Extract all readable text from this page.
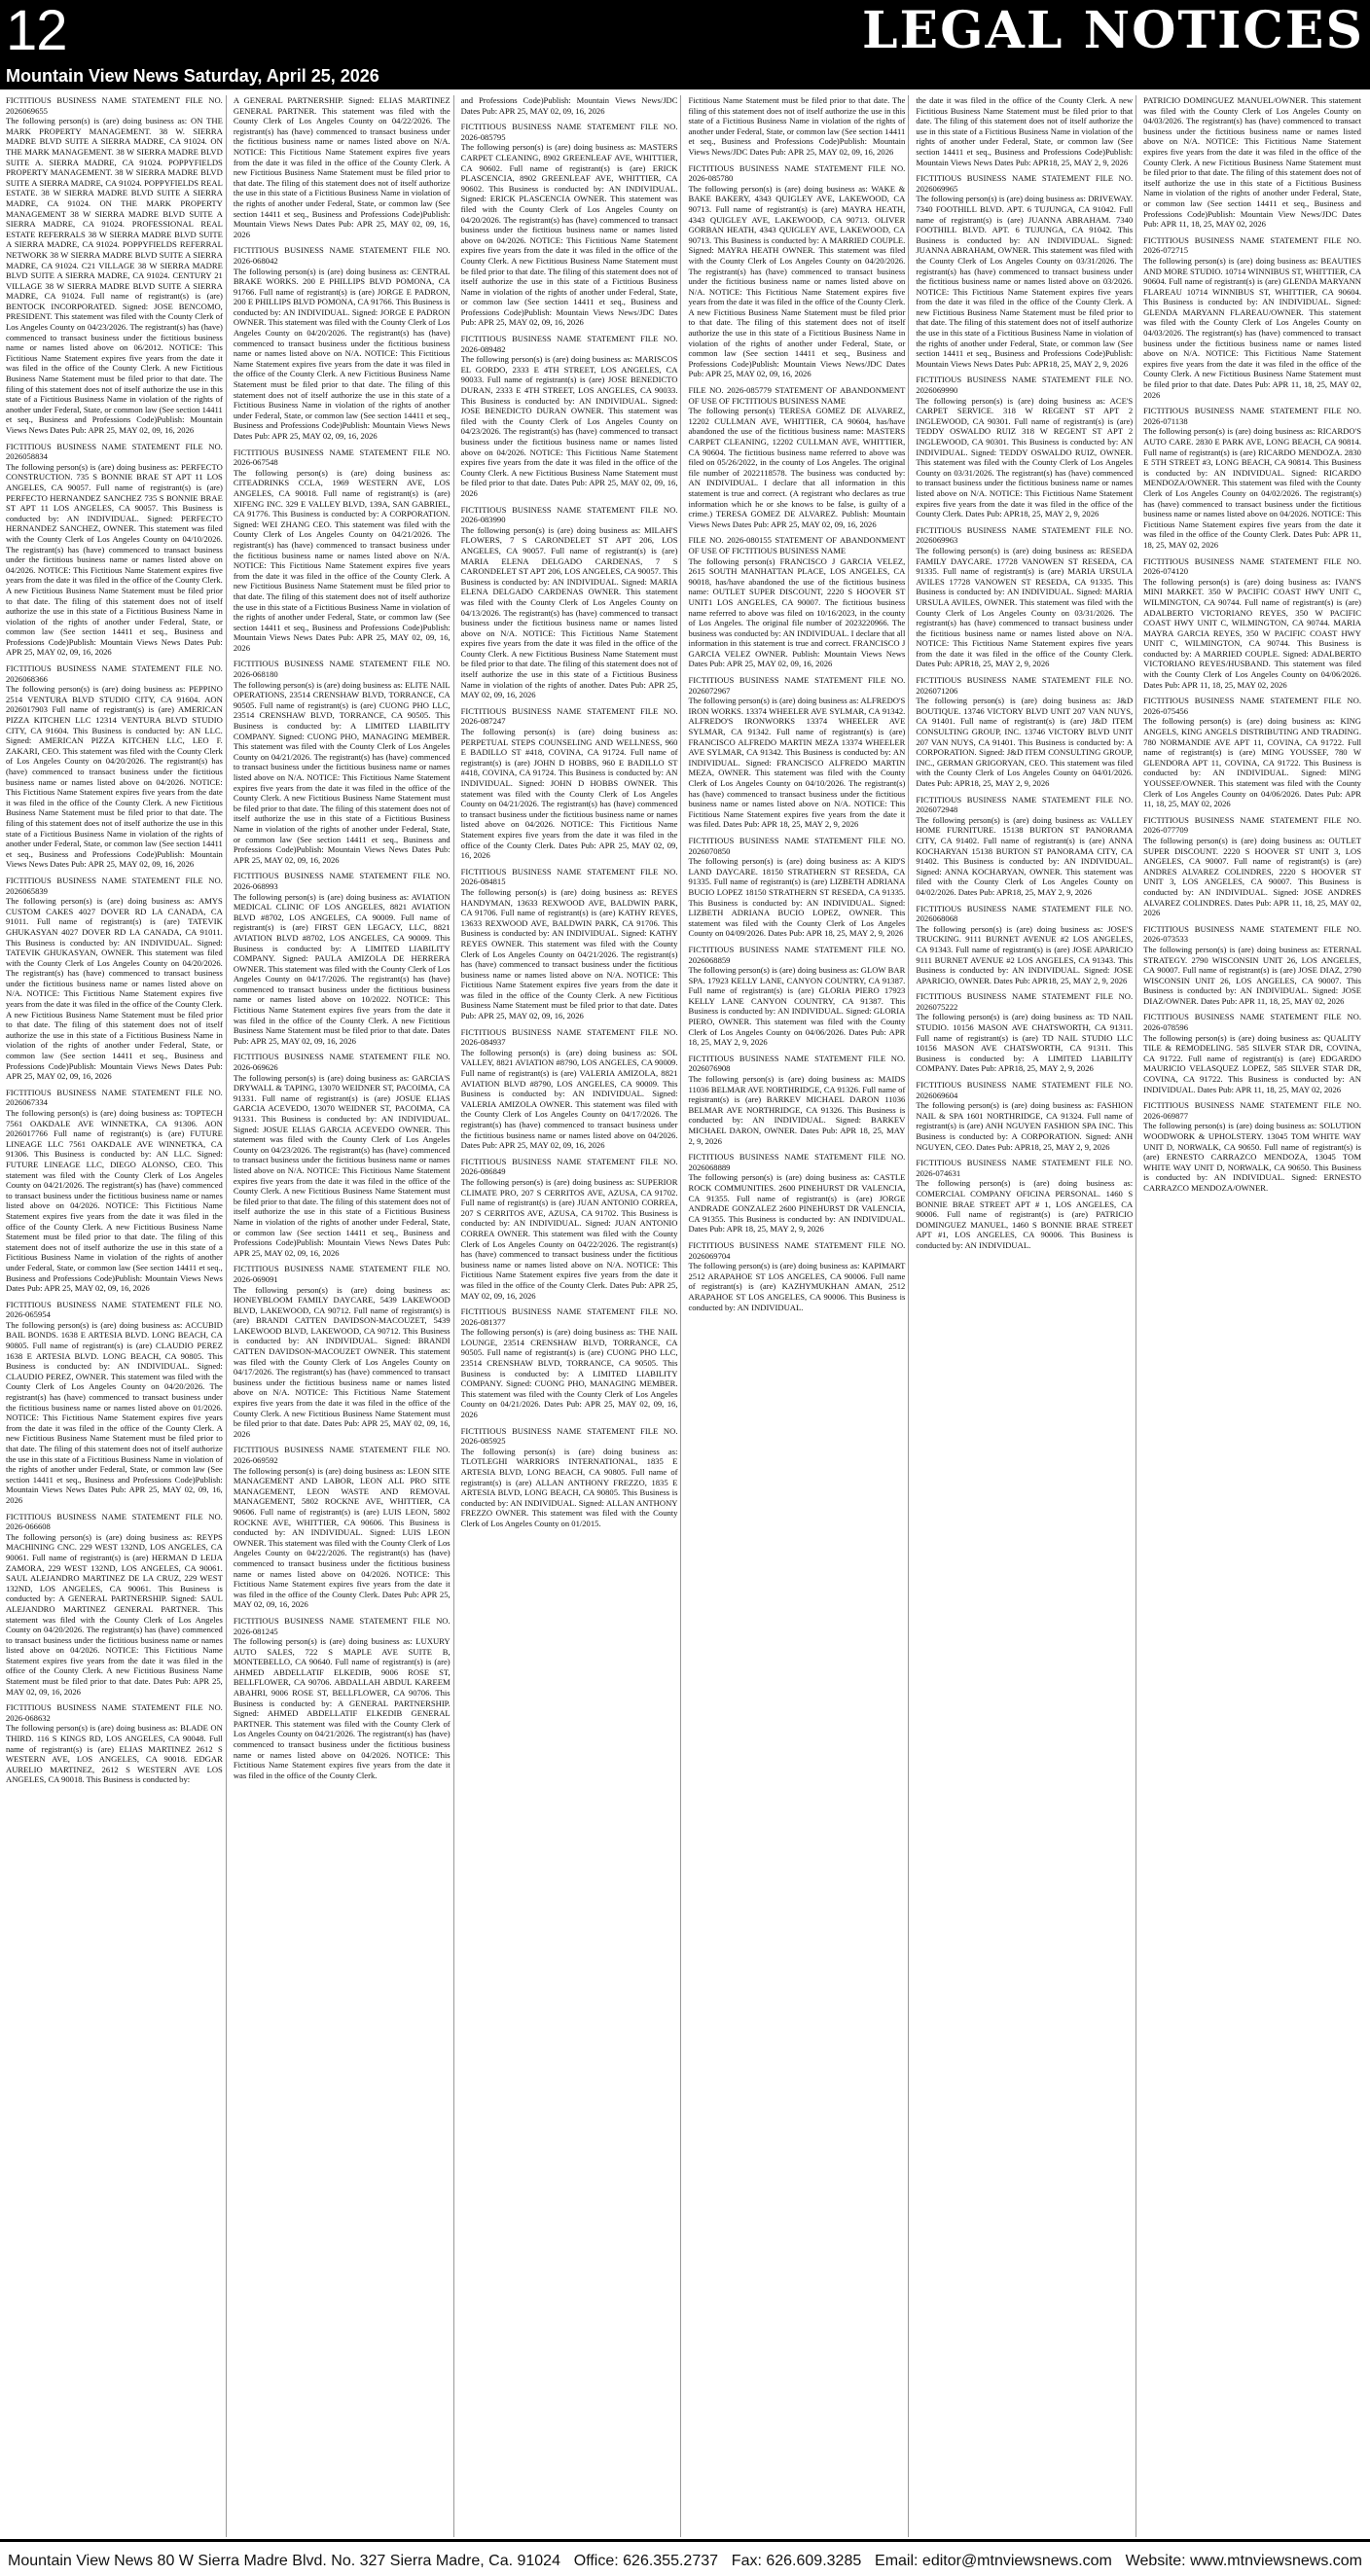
12	LEGAL NOTICES
Mountain View News Saturday, April 25, 2026
FICTITIOUS BUSINESS NAME STATEMENT FILE NO. 2026069655
The following person(s) is (are) doing business as: ON THE MARK PROPERTY MANAGEMENT. 38 W. SIERRA MADRE BLVD SUITE A SIERRA MADRE, CA 91024. ON THE MARK MANAGEMENT. 38 W SIERRA MADRE BLVD SUITE A. SIERRA MADRE, CA 91024. POPPYFIELDS PROPERTY MANAGEMENT. 38 W SIERRA MADRE BLVD SUITE A SIERRA MADRE, CA 91024. POPPYFIELDS REAL ESTATE. 38 W SIERRA MADRE BLVD SUITE A SIERRA MADRE, CA 91024. ON THE MARK PROPERTY MANAGEMENT 38 W SIERRA MADRE BLVD SUITE A SIERRA MADRE, CA 91024. PROFESSIONAL REAL ESTATE REFERRALS 38 W SIERRA MADRE BLVD SUITE A SIERRA MADRE, CA 91024. POPPYFIELDS REFERRAL NETWORK 38 W SIERRA MADRE BLVD SUITE A SIERRA MADRE, CA 91024. C21 VILLAGE 38 W SIERRA MADRE BLVD SUITE A SIERRA MADRE, CA 91024. CENTURY 21 VILLAGE 38 W SIERRA MADRE BLVD SUITE A SIERRA MADRE, CA 91024. Full name of registrant(s) is (are) BENTOCK INCORPORATED. Signed: JOSE BENCOMO, PRESIDENT. This statement was filed with the County Clerk of Los Angeles County on 04/23/2026. The registrant(s) has (have) commenced to transact business under the fictitious business name or names listed above on 06/2012. NOTICE: This Fictitious Name Statement expires five years from the date it was filed in the office of the County Clerk. A new Fictitious Business Name Statement must be filed prior to that date. The filing of this statement does not of itself authorize the use in this state of a Fictitious Business Name in violation of the rights of another under Federal, State, or common law (See section 14411 et seq., Business and Professions Code)Publish: Mountain Views News Dates Pub: APR 25, MAY 02, 09, 16, 2026
FICTITIOUS BUSINESS NAME STATEMENT FILE NO. 2026058834
The following person(s) is (are) doing business as: PERFECTO CONSTRUCTION. 735 S BONNIE BRAE ST APT 11 LOS ANGELES, CA 90057. Full name of registrant(s) is (are) PERFECTO HERNANDEZ SANCHEZ 735 S BONNIE BRAE ST APT 11 LOS ANGELES, CA 90057. This Business is conducted by: AN INDIVIDUAL. Signed: PERFECTO HERNANDEZ SANCHEZ, OWNER. This statement was filed with the County Clerk of Los Angeles County on 04/10/2026. The registrant(s) has (have) commenced to transact business under the fictitious business name or names listed above on 04/2026. NOTICE: This Fictitious Name Statement expires five years from the date it was filed in the office of the County Clerk. A new Fictitious Business Name Statement must be filed prior to that date. The filing of this statement does not of itself authorize the use in this state of a Fictitious Business Name in violation of the rights of another under Federal, State, or common law (See section 14411 et seq., Business and Professions Code)Publish: Mountain Views News Dates Pub: APR 25, MAY 02, 09, 16, 2026
FICTITIOUS BUSINESS NAME STATEMENT FILE NO. 2026068366
The following person(s) is (are) doing business as: PEPPINO 2514 VENTURA BLVD STUDIO CITY, CA 91604. AON 2026017903 Full name of registrant(s) is (are) AMERICAN PIZZA KITCHEN LLC 12314 VENTURA BLVD STUDIO CITY, CA 91604. This Business is conducted by: AN LLC. Signed: AMERICAN PIZZA KITCHEN LLC, LEO F. ZAKARI, CEO. This statement was filed with the County Clerk of Los Angeles County on 04/20/2026. The registrant(s) has (have) commenced to transact business under the fictitious business name or names listed above on 04/2026. NOTICE: This Fictitious Name Statement expires five years from the date it was filed in the office of the County Clerk. A new Fictitious Business Name Statement must be filed prior to that date. The filing of this statement does not of itself authorize the use in this state of a Fictitious Business Name in violation of the rights of another under Federal, State, or common law (See section 14411 et seq., Business and Professions Code)Publish: Mountain Views News Dates Pub: APR 25, MAY 02, 09, 16, 2026
FICTITIOUS BUSINESS NAME STATEMENT FILE NO. 2026065839
The following person(s) is (are) doing business as: AMYS CUSTOM CAKES 4027 DOVER RD LA CANADA, CA 91011. Full name of registrant(s) is (are) TATEVIK GHUKASYAN 4027 DOVER RD LA CANADA, CA 91011. This Business is conducted by: AN INDIVIDUAL. Signed: TATEVIK GHUKASYAN, OWNER. This statement was filed with the County Clerk of Los Angeles County on 04/20/2026. The registrant(s) has (have) commenced to transact business under the fictitious business name or names listed above on N/A. NOTICE: This Fictitious Name Statement expires five years from the date it was filed in the office of the County Clerk. A new Fictitious Business Name Statement must be filed prior to that date. The filing of this statement does not of itself authorize the use in this state of a Fictitious Business Name in violation of the rights of another under Federal, State, or common law (See section 14411 et seq., Business and Professions Code)Publish: Mountain Views News Dates Pub: APR 25, MAY 02, 09, 16, 2026
FICTITIOUS BUSINESS NAME STATEMENT FILE NO. 2026067334
The following person(s) is (are) doing business as: TOPTECH 7561 OAKDALE AVE WINNETKA, CA 91306. AON 2026017766 Full name of registrant(s) is (are) FUTURE LINEAGE LLC 7561 OAKDALE AVE WINNETKA, CA 91306. This Business is conducted by: AN LLC. Signed: FUTURE LINEAGE LLC, DIEGO ALONSO, CEO. This statement was filed with the County Clerk of Los Angeles County on 04/21/2026. The registrant(s) has (have) commenced to transact business under the fictitious business name or names listed above on 04/2026. NOTICE: This Fictitious Name Statement expires five years from the date it was filed in the office of the County Clerk. A new Fictitious Business Name Statement must be filed prior to that date. The filing of this statement does not of itself authorize the use in this state of a Fictitious Business Name in violation of the rights of another under Federal, State, or common law (See section 14411 et seq., Business and Professions Code)Publish: Mountain Views News Dates Pub: APR 25, MAY 02, 09, 16, 2026
FICTITIOUS BUSINESS NAME STATEMENT FILE NO. 2026-065954
The following person(s) is (are) doing business as: ACCUBID BAIL BONDS. 1638 E ARTESIA BLVD. LONG BEACH, CA 90805. Full name of registrant(s) is (are) CLAUDIO PEREZ 1638 E ARTESIA BLVD. LONG BEACH, CA 90805. This Business is conducted by: AN INDIVIDUAL. Signed: CLAUDIO PEREZ, OWNER. This statement was filed with the County Clerk of Los Angeles County on 04/20/2026. The registrant(s) has (have) commenced to transact business under the fictitious business name or names listed above on 01/2026. NOTICE: This Fictitious Name Statement expires five years from the date it was filed in the office of the County Clerk. A new Fictitious Business Name Statement must be filed prior to that date. The filing of this statement does not of itself authorize the use in this state of a Fictitious Business Name in violation of the rights of another under Federal, State, or common law (See section 14411 et seq., Business and Professions Code)Publish: Mountain Views News Dates Pub: APR 25, MAY 02, 09, 16, 2026
FICTITIOUS BUSINESS NAME STATEMENT FILE NO. 2026-066608
The following person(s) is (are) doing business as: REYPS MACHINING CNC. 229 WEST 132ND, LOS ANGELES, CA 90061. Full name of registrant(s) is (are) HERMAN D LEIJA ZAMORA, 229 WEST 132ND, LOS ANGELES, CA 90061. SAUL ALEJANDRO MARTINEZ DE LA CRUZ, 229 WEST 132ND, LOS ANGELES, CA 90061. This Business is conducted by: A GENERAL PARTNERSHIP. Signed: SAUL ALEJANDRO MARTINEZ GENERAL PARTNER. This statement was filed with the County Clerk of Los Angeles County on 04/20/2026. The registrant(s) has (have) commenced to transact business under the fictitious business name or names listed above on 04/2026. NOTICE: This Fictitious Name Statement expires five years from the date it was filed in the office of the County Clerk. A new Fictitious Business Name Statement must be filed prior to that date. Dates Pub: APR 25, MAY 02, 09, 16, 2026
FICTITIOUS BUSINESS NAME STATEMENT FILE NO. 2026-068632
The following person(s) is (are) doing business as: BLADE ON THIRD. 116 S KINGS RD, LOS ANGELES, CA 90048. Full name of registrant(s) is (are) ELIAS MARTINEZ 2612 S WESTERN AVE, LOS ANGELES, CA 90018. EDGAR AURELIO MARTINEZ, 2612 S WESTERN AVE LOS ANGELES, CA 90018. This Business is conducted by:
A GENERAL PARTNERSHIP. Signed: ELIAS MARTINEZ GENERAL PARTNER. This statement was filed with the County Clerk of Los Angeles County on 04/22/2026. The registrant(s) has (have) commenced to transact business under the fictitious business name or names listed above on N/A. NOTICE: This Fictitious Name Statement expires five years from the date it was filed in the office of the County Clerk. A new Fictitious Business Name Statement must be filed prior to that date. The filing of this statement does not of itself authorize the use in this state of a Fictitious Business Name in violation of the rights of another under Federal, State, or common law (See section 14411 et seq., Business and Professions Code)Publish: Mountain Views News Dates Pub: APR 25, MAY 02, 09, 16, 2026
FICTITIOUS BUSINESS NAME STATEMENT FILE NO. 2026-068042
The following person(s) is (are) doing business as: CENTRAL BRAKE WORKS. 200 E PHILLIPS BLVD POMONA, CA 91766. Full name of registrant(s) is (are) JORGE E PADRON, 200 E PHILLIPS BLVD POMONA, CA 91766. This Business is conducted by: AN INDIVIDUAL. Signed: JORGE E PADRON OWNER. This statement was filed with the County Clerk of Los Angeles County on 04/20/2026. The registrant(s) has (have) commenced to transact business under the fictitious business name or names listed above on N/A. NOTICE: This Fictitious Name Statement expires five years from the date it was filed in the office of the County Clerk. A new Fictitious Business Name Statement must be filed prior to that date. The filing of this statement does not of itself authorize the use in this state of a Fictitious Business Name in violation of the rights of another under Federal, State, or common law (See section 14411 et seq., Business and Professions Code)Publish: Mountain Views News Dates Pub: APR 25, MAY 02, 09, 16, 2026
FICTITIOUS BUSINESS NAME STATEMENT FILE NO. 2026-067548
The following person(s) is (are) doing business as: CITEADRINKS CCLA, 1969 WESTERN AVE, LOS ANGELES, CA 90018. Full name of registrant(s) is (are) XIFENG INC. 329 E VALLEY BLVD, 139A, SAN GABRIEL, CA 91776. This Business is conducted by: A CORPORATION. Signed: WEI ZHANG CEO. This statement was filed with the County Clerk of Los Angeles County on 04/21/2026. The registrant(s) has (have) commenced to transact business under the fictitious business name or names listed above on N/A. NOTICE: This Fictitious Name Statement expires five years from the date it was filed in the office of the County Clerk. A new Fictitious Business Name Statement must be filed prior to that date. The filing of this statement does not of itself authorize the use in this state of a Fictitious Business Name in violation of the rights of another under Federal, State, or common law (See section 14411 et seq., Business and Professions Code)Publish: Mountain Views News Dates Pub: APR 25, MAY 02, 09, 16, 2026
FICTITIOUS BUSINESS NAME STATEMENT FILE NO. 2026-068180
The following person(s) is (are) doing business as: ELITE NAIL OPERATIONS, 23514 CRENSHAW BLVD, TORRANCE, CA 90505. Full name of registrant(s) is (are) CUONG PHO LLC, 23514 CRENSHAW BLVD, TORRANCE, CA 90505. This Business is conducted by: A LIMITED LIABILITY COMPANY. Signed: CUONG PHO, MANAGING MEMBER. This statement was filed with the County Clerk of Los Angeles County on 04/21/2026. The registrant(s) has (have) commenced to transact business under the fictitious business name or names listed above on N/A. NOTICE: This Fictitious Name Statement expires five years from the date it was filed in the office of the County Clerk. A new Fictitious Business Name Statement must be filed prior to that date. The filing of this statement does not of itself authorize the use in this state of a Fictitious Business Name in violation of the rights of another under Federal, State, or common law (See section 14411 et seq., Business and Professions Code)Publish: Mountain Views News Dates Pub: APR 25, MAY 02, 09, 16, 2026
FICTITIOUS BUSINESS NAME STATEMENT FILE NO. 2026-068993
The following person(s) is (are) doing business as: AVIATION MEDICAL CLINIC OF LOS ANGELES, 8821 AVIATION BLVD #8702, LOS ANGELES, CA 90009. Full name of registrant(s) is (are) FIRST GEN LEGACY, LLC, 8821 AVIATION BLVD #8702, LOS ANGELES, CA 90009. This Business is conducted by: A LIMITED LIABILITY COMPANY. Signed: PAULA AMIZOLA DE HERRERA OWNER. This statement was filed with the County Clerk of Los Angeles County on 04/17/2026. The registrant(s) has (have) commenced to transact business under the fictitious business name or names listed above on 10/2022. NOTICE: This Fictitious Name Statement expires five years from the date it was filed in the office of the County Clerk. A new Fictitious Business Name Statement must be filed prior to that date. Dates Pub: APR 25, MAY 02, 09, 16, 2026
FICTITIOUS BUSINESS NAME STATEMENT FILE NO. 2026-069626
The following person(s) is (are) doing business as: GARCIA'S DRYWALL & TAPING, 13070 WEIDNER ST, PACOIMA, CA 91331. Full name of registrant(s) is (are) JOSUE ELIAS GARCIA ACEVEDO, 13070 WEIDNER ST, PACOIMA, CA 91331. This Business is conducted by: AN INDIVIDUAL. Signed: JOSUE ELIAS GARCIA ACEVEDO OWNER. This statement was filed with the County Clerk of Los Angeles County on 04/23/2026. The registrant(s) has (have) commenced to transact business under the fictitious business name or names listed above on N/A. NOTICE: This Fictitious Name Statement expires five years from the date it was filed in the office of the County Clerk. A new Fictitious Business Name Statement must be filed prior to that date. The filing of this statement does not of itself authorize the use in this state of a Fictitious Business Name in violation of the rights of another under Federal, State, or common law (See section 14411 et seq., Business and Professions Code)Publish: Mountain Views News Dates Pub: APR 25, MAY 02, 09, 16, 2026
FICTITIOUS BUSINESS NAME STATEMENT FILE NO. 2026-069091
The following person(s) is (are) doing business as: HONEYBLOOM FAMILY DAYCARE, 5439 LAKEWOOD BLVD, LAKEWOOD, CA 90712. Full name of registrant(s) is (are) BRANDI CATTEN DAVIDSON-MACOUZET, 5439 LAKEWOOD BLVD, LAKEWOOD, CA 90712. This Business is conducted by: AN INDIVIDUAL. Signed: BRANDI CATTEN DAVIDSON-MACOUZET OWNER. This statement was filed with the County Clerk of Los Angeles County on 04/17/2026. The registrant(s) has (have) commenced to transact business under the fictitious business name or names listed above on N/A. NOTICE: This Fictitious Name Statement expires five years from the date it was filed in the office of the County Clerk. A new Fictitious Business Name Statement must be filed prior to that date. Dates Pub: APR 25, MAY 02, 09, 16, 2026
FICTITIOUS BUSINESS NAME STATEMENT FILE NO. 2026-069592
The following person(s) is (are) doing business as: LEON SITE MANAGEMENT AND LABOR, LEON ALL PRO SITE MANAGEMENT, LEON WASTE AND REMOVAL MANAGEMENT, 5802 ROCKNE AVE, WHITTIER, CA 90606. Full name of registrant(s) is (are) LUIS LEON, 5802 ROCKNE AVE, WHITTIER, CA 90606. This Business is conducted by: AN INDIVIDUAL. Signed: LUIS LEON OWNER. This statement was filed with the County Clerk of Los Angeles County on 04/22/2026. The registrant(s) has (have) commenced to transact business under the fictitious business name or names listed above on 04/2026. NOTICE: This Fictitious Name Statement expires five years from the date it was filed in the office of the County Clerk. Dates Pub: APR 25, MAY 02, 09, 16, 2026
FICTITIOUS BUSINESS NAME STATEMENT FILE NO. 2026-081245
The following person(s) is (are) doing business as: LUXURY AUTO SALES, 722 S MAPLE AVE SUITE B, MONTEBELLO, CA 90640. Full name of registrant(s) is (are) AHMED ABDELLATIF ELKEDIB, 9006 ROSE ST, BELLFLOWER, CA 90706. ABDALLAH ABDUL KAREEM ABAHRI, 9006 ROSE ST, BELLFLOWER, CA 90706. This Business is conducted by: A GENERAL PARTNERSHIP. Signed: AHMED ABDELLATIF ELKEDIB GENERAL PARTNER. This statement was filed with the County Clerk of Los Angeles County on 04/21/2026. The registrant(s) has (have) commenced to transact business under the fictitious business name or names listed above on 04/2026. NOTICE: This Fictitious Name Statement expires five years from the date it was filed in the office of the County Clerk.
and Professions Code)Publish: Mountain Views News/JDC Dates Pub: APR 25, MAY 02, 09, 16, 2026
FICTITIOUS BUSINESS NAME STATEMENT FILE NO. 2026-085795
The following person(s) is (are) doing business as: MASTERS CARPET CLEANING, 8902 GREENLEAF AVE, WHITTIER, CA 90602. Full name of registrant(s) is (are) ERICK PLASCENCIA, 8902 GREENLEAF AVE, WHITTIER, CA 90602. This Business is conducted by: AN INDIVIDUAL. Signed: ERICK PLASCENCIA OWNER. This statement was filed with the County Clerk of Los Angeles County on 04/20/2026. The registrant(s) has (have) commenced to transact business under the fictitious business name or names listed above on 04/2026. NOTICE: This Fictitious Name Statement expires five years from the date it was filed in the office of the County Clerk. A new Fictitious Business Name Statement must be filed prior to that date. The filing of this statement does not of itself authorize the use in this state of a Fictitious Business Name in violation of the rights of another under Federal, State, or common law (See section 14411 et seq., Business and Professions Code)Publish: Mountain Views News/JDC Dates Pub: APR 25, MAY 02, 09, 16, 2026
FICTITIOUS BUSINESS NAME STATEMENT FILE NO. 2026-089482
The following person(s) is (are) doing business as: MARISCOS EL GORDO, 2333 E 4TH STREET, LOS ANGELES, CA 90033. Full name of registrant(s) is (are) JOSE BENEDICTO DURAN, 2333 E 4TH STREET, LOS ANGELES, CA 90033. This Business is conducted by: AN INDIVIDUAL. Signed: JOSE BENEDICTO DURAN OWNER. This statement was filed with the County Clerk of Los Angeles County on 04/23/2026. The registrant(s) has (have) commenced to transact business under the fictitious business name or names listed above on 04/2026. NOTICE: This Fictitious Name Statement expires five years from the date it was filed in the office of the County Clerk. A new Fictitious Business Name Statement must be filed prior to that date. Dates Pub: APR 25, MAY 02, 09, 16, 2026
FICTITIOUS BUSINESS NAME STATEMENT FILE NO. 2026-083990
The following person(s) is (are) doing business as: MILAH'S FLOWERS, 7 S CARONDELET ST APT 206, LOS ANGELES, CA 90057. Full name of registrant(s) is (are) MARIA ELENA DELGADO CARDENAS, 7 S CARONDELET ST APT 206, LOS ANGELES, CA 90057. This Business is conducted by: AN INDIVIDUAL. Signed: MARIA ELENA DELGADO CARDENAS OWNER. This statement was filed with the County Clerk of Los Angeles County on 04/13/2026. The registrant(s) has (have) commenced to transact business under the fictitious business name or names listed above on N/A. NOTICE: This Fictitious Name Statement expires five years from the date it was filed in the office of the County Clerk. A new Fictitious Business Name Statement must be filed prior to that date. The filing of this statement does not of itself authorize the use in this state of a Fictitious Business Name in violation of the rights of another. Dates Pub: APR 25, MAY 02, 09, 16, 2026
FICTITIOUS BUSINESS NAME STATEMENT FILE NO. 2026-087247
The following person(s) is (are) doing business as: PERPETUAL STEPS COUNSELING AND WELLNESS, 960 E BADILLO ST #418, COVINA, CA 91724. Full name of registrant(s) is (are) JOHN D HOBBS, 960 E BADILLO ST #418, COVINA, CA 91724. This Business is conducted by: AN INDIVIDUAL. Signed: JOHN D HOBBS OWNER. This statement was filed with the County Clerk of Los Angeles County on 04/21/2026. The registrant(s) has (have) commenced to transact business under the fictitious business name or names listed above on 04/2026. NOTICE: This Fictitious Name Statement expires five years from the date it was filed in the office of the County Clerk. Dates Pub: APR 25, MAY 02, 09, 16, 2026
FICTITIOUS BUSINESS NAME STATEMENT FILE NO. 2026-084815
The following person(s) is (are) doing business as: REYES HANDYMAN, 13633 REXWOOD AVE, BALDWIN PARK, CA 91706. Full name of registrant(s) is (are) KATHY REYES, 13633 REXWOOD AVE, BALDWIN PARK, CA 91706. This Business is conducted by: AN INDIVIDUAL. Signed: KATHY REYES OWNER. This statement was filed with the County Clerk of Los Angeles County on 04/21/2026. The registrant(s) has (have) commenced to transact business under the fictitious business name or names listed above on N/A. NOTICE: This Fictitious Name Statement expires five years from the date it was filed in the office of the County Clerk. A new Fictitious Business Name Statement must be filed prior to that date. Dates Pub: APR 25, MAY 02, 09, 16, 2026
FICTITIOUS BUSINESS NAME STATEMENT FILE NO. 2026-084937
The following person(s) is (are) doing business as: SOL VALLEY, 8821 AVIATION #8790, LOS ANGELES, CA 90009. Full name of registrant(s) is (are) VALERIA AMIZOLA, 8821 AVIATION BLVD #8790, LOS ANGELES, CA 90009. This Business is conducted by: AN INDIVIDUAL. Signed: VALERIA AMIZOLA OWNER. This statement was filed with the County Clerk of Los Angeles County on 04/17/2026. The registrant(s) has (have) commenced to transact business under the fictitious business name or names listed above on 04/2026. Dates Pub: APR 25, MAY 02, 09, 16, 2026
FICTITIOUS BUSINESS NAME STATEMENT FILE NO. 2026-086849
The following person(s) is (are) doing business as: SUPERIOR CLIMATE PRO, 207 S CERRITOS AVE, AZUSA, CA 91702. Full name of registrant(s) is (are) JUAN ANTONIO CORREA, 207 S CERRITOS AVE, AZUSA, CA 91702. This Business is conducted by: AN INDIVIDUAL. Signed: JUAN ANTONIO CORREA OWNER. This statement was filed with the County Clerk of Los Angeles County on 04/22/2026. The registrant(s) has (have) commenced to transact business under the fictitious business name or names listed above on N/A. NOTICE: This Fictitious Name Statement expires five years from the date it was filed in the office of the County Clerk. Dates Pub: APR 25, MAY 02, 09, 16, 2026
FICTITIOUS BUSINESS NAME STATEMENT FILE NO. 2026-081377
The following person(s) is (are) doing business as: THE NAIL LOUNGE, 23514 CRENSHAW BLVD, TORRANCE, CA 90505. Full name of registrant(s) is (are) CUONG PHO LLC, 23514 CRENSHAW BLVD, TORRANCE, CA 90505. This Business is conducted by: A LIMITED LIABILITY COMPANY. Signed: CUONG PHO, MANAGING MEMBER. This statement was filed with the County Clerk of Los Angeles County on 04/21/2026. Dates Pub: APR 25, MAY 02, 09, 16, 2026
FICTITIOUS BUSINESS NAME STATEMENT FILE NO. 2026-085925
The following person(s) is (are) doing business as: TLOTLEGHI WARRIORS INTERNATIONAL, 1835 E ARTESIA BLVD, LONG BEACH, CA 90805. Full name of registrant(s) is (are) ALLAN ANTHONY FREZZO, 1835 E ARTESIA BLVD, LONG BEACH, CA 90805. This Business is conducted by: AN INDIVIDUAL. Signed: ALLAN ANTHONY FREZZO OWNER. This statement was filed with the County Clerk of Los Angeles County on 01/2015.
Fictitious Name Statement must be filed prior to that date. The filing of this statement does not of itself authorize the use in this state of a Fictitious Business Name in violation of the rights of another under Federal, State, or common law (See section 14411 et seq., Business and Professions Code)Publish: Mountain Views News/JDC Dates Pub: APR 25, MAY 02, 09, 16, 2026
FICTITIOUS BUSINESS NAME STATEMENT FILE NO. 2026-085780
The following person(s) is (are) doing business as: WAKE & BAKE BAKERY, 4343 QUIGLEY AVE, LAKEWOOD, CA 90713. Full name of registrant(s) is (are) MAYRA HEATH, 4343 QUIGLEY AVE, LAKEWOOD, CA 90713. OLIVER GORBAN HEATH, 4343 QUIGLEY AVE, LAKEWOOD, CA 90713. This Business is conducted by: A MARRIED COUPLE. Signed: MAYRA HEATH OWNER. This statement was filed with the County Clerk of Los Angeles County on 04/20/2026. The registrant(s) has (have) commenced to transact business under the fictitious business name or names listed above on N/A. NOTICE: This Fictitious Name Statement expires five years from the date it was filed in the office of the County Clerk. A new Fictitious Business Name Statement must be filed prior to that date. The filing of this statement does not of itself authorize the use in this state of a Fictitious Business Name in violation of the rights of another under Federal, State, or common law (See section 14411 et seq., Business and Professions Code)Publish: Mountain Views News/JDC Dates Pub: APR 25, MAY 02, 09, 16, 2026
FILE NO. 2026-085779 STATEMENT OF ABANDONMENT OF USE OF FICTITIOUS BUSINESS NAME
The following person(s) TERESA GOMEZ DE ALVAREZ, 12202 CULLMAN AVE, WHITTIER, CA 90604, has/have abandoned the use of the fictitious business name: MASTERS CARPET CLEANING, 12202 CULLMAN AVE, WHITTIER, CA 90604. The fictitious business name referred to above was filed on 05/26/2022, in the county of Los Angeles. The original file number of 2022118578. The business was conducted by: AN INDIVIDUAL. I declare that all information in this statement is true and correct. (A registrant who declares as true information which he or she knows to be false, is guilty of a crime.) TERESA GOMEZ DE ALVAREZ. Publish: Mountain Views News Dates Pub: APR 25, MAY 02, 09, 16, 2026
FILE NO. 2026-080155 STATEMENT OF ABANDONMENT OF USE OF FICTITIOUS BUSINESS NAME
The following person(s) FRANCISCO J GARCIA VELEZ, 2615 SOUTH MANHATTAN PLACE, LOS ANGELES, CA 90018, has/have abandoned the use of the fictitious business name: OUTLET SUPER DISCOUNT, 2220 S HOOVER ST UNIT1 LOS ANGELES, CA 90007. The fictitious business name referred to above was filed on 10/16/2023, in the county of Los Angeles. The original file number of 2023220966. The business was conducted by: AN INDIVIDUAL. I declare that all information in this statement is true and correct. FRANCISCO J GARCIA VELEZ OWNER. Publish: Mountain Views News Dates Pub: APR 25, MAY 02, 09, 16, 2026
FICTITIOUS BUSINESS NAME STATEMENT FILE NO. 2026072967
The following person(s) is (are) doing business as: ALFREDO'S IRON WORKS. 13374 WHEELER AVE SYLMAR, CA 91342. ALFREDO'S IRONWORKS 13374 WHEELER AVE SYLMAR, CA 91342. Full name of registrant(s) is (are) FRANCISCO ALFREDO MARTIN MEZA 13374 WHEELER AVE SYLMAR, CA 91342. This Business is conducted by: AN INDIVIDUAL. Signed: FRANCISCO ALFREDO MARTIN MEZA, OWNER. This statement was filed with the County Clerk of Los Angeles County on 04/10/2026. The registrant(s) has (have) commenced to transact business under the fictitious business name or names listed above on N/A. NOTICE: This Fictitious Name Statement expires five years from the date it was filed. Dates Pub: APR 18, 25, MAY 2, 9, 2026
FICTITIOUS BUSINESS NAME STATEMENT FILE NO. 2026070850
The following person(s) is (are) doing business as: A KID'S LAND DAYCARE. 18150 STRATHERN ST RESEDA, CA 91335. Full name of registrant(s) is (are) LIZBETH ADRIANA BUCIO LOPEZ 18150 STRATHERN ST RESEDA, CA 91335. This Business is conducted by: AN INDIVIDUAL. Signed: LIZBETH ADRIANA BUCIO LOPEZ, OWNER. This statement was filed with the County Clerk of Los Angeles County on 04/09/2026. Dates Pub: APR 18, 25, MAY 2, 9, 2026
FICTITIOUS BUSINESS NAME STATEMENT FILE NO. 2026068859
The following person(s) is (are) doing business as: GLOW BAR SPA. 17923 KELLY LANE, CANYON COUNTRY, CA 91387. Full name of registrant(s) is (are) GLORIA PIERO 17923 KELLY LANE CANYON COUNTRY, CA 91387. This Business is conducted by: AN INDIVIDUAL. Signed: GLORIA PIERO, OWNER. This statement was filed with the County Clerk of Los Angeles County on 04/06/2026. Dates Pub: APR 18, 25, MAY 2, 9, 2026
FICTITIOUS BUSINESS NAME STATEMENT FILE NO. 2026076908
The following person(s) is (are) doing business as: MAIDS 11036 BELMAR AVE NORTHRIDGE, CA 91326. Full name of registrant(s) is (are) BARKEV MICHAEL DARON 11036 BELMAR AVE NORTHRIDGE, CA 91326. This Business is conducted by: AN INDIVIDUAL. Signed: BARKEV MICHAEL DARON, OWNER. Dates Pub: APR 18, 25, MAY 2, 9, 2026
FICTITIOUS BUSINESS NAME STATEMENT FILE NO. 2026068889
The following person(s) is (are) doing business as: CASTLE ROCK COMMUNITIES. 2600 PINEHURST DR VALENCIA, CA 91355. Full name of registrant(s) is (are) JORGE ANDRADE GONZALEZ 2600 PINEHURST DR VALENCIA, CA 91355. This Business is conducted by: AN INDIVIDUAL. Dates Pub: APR 18, 25, MAY 2, 9, 2026
FICTITIOUS BUSINESS NAME STATEMENT FILE NO. 2026069704
The following person(s) is (are) doing business as: KAPIMART 2512 ARAPAHOE ST LOS ANGELES, CA 90006. Full name of registrant(s) is (are) KAZHYMUKHAN AMAN, 2512 ARAPAHOE ST LOS ANGELES, CA 90006. This Business is conducted by: AN INDIVIDUAL.
the date it was filed in the office of the County Clerk. A new Fictitious Business Name Statement must be filed prior to that date. The filing of this statement does not of itself authorize the use in this state of a Fictitious Business Name in violation of the rights of another under Federal, State, or common law (See section 14411 et seq., Business and Professions Code)Publish: Mountain Views News Dates Pub: APR18, 25, MAY 2, 9, 2026
FICTITIOUS BUSINESS NAME STATEMENT FILE NO. 2026069965
The following person(s) is (are) doing business as: DRIVEWAY. 7340 FOOTHILL BLVD. APT. 6 TUJUNGA, CA 91042. Full name of registrant(s) is (are) JUANNA ABRAHAM. 7340 FOOTHILL BLVD. APT. 6 TUJUNGA, CA 91042. This Business is conducted by: AN INDIVIDUAL. Signed: JUANNA ABRAHAM, OWNER. This statement was filed with the County Clerk of Los Angeles County on 03/31/2026. The registrant(s) has (have) commenced to transact business under the fictitious business name or names listed above on 03/2026. NOTICE: This Fictitious Name Statement expires five years from the date it was filed in the office of the County Clerk. A new Fictitious Business Name Statement must be filed prior to that date. The filing of this statement does not of itself authorize the use in this state of a Fictitious Business Name in violation of the rights of another under Federal, State, or common law (See section 14411 et seq., Business and Professions Code)Publish: Mountain Views News Dates Pub: APR18, 25, MAY 2, 9, 2026
FICTITIOUS BUSINESS NAME STATEMENT FILE NO. 2026069990
The following person(s) is (are) doing business as: ACE'S CARPET SERVICE. 318 W REGENT ST APT 2 INGLEWOOD, CA 90301. Full name of registrant(s) is (are) TEDDY OSWALDO RUIZ 318 W REGENT ST APT 2 INGLEWOOD, CA 90301. This Business is conducted by: AN INDIVIDUAL. Signed: TEDDY OSWALDO RUIZ, OWNER. This statement was filed with the County Clerk of Los Angeles County on 03/31/2026. The registrant(s) has (have) commenced to transact business under the fictitious business name or names listed above on N/A. NOTICE: This Fictitious Name Statement expires five years from the date it was filed in the office of the County Clerk. Dates Pub: APR18, 25, MAY 2, 9, 2026
FICTITIOUS BUSINESS NAME STATEMENT FILE NO. 2026069963
The following person(s) is (are) doing business as: RESEDA FAMILY DAYCARE. 17728 VANOWEN ST RESEDA, CA 91335. Full name of registrant(s) is (are) MARIA URSULA AVILES 17728 VANOWEN ST RESEDA, CA 91335. This Business is conducted by: AN INDIVIDUAL. Signed: MARIA URSULA AVILES, OWNER. This statement was filed with the County Clerk of Los Angeles County on 03/31/2026. The registrant(s) has (have) commenced to transact business under the fictitious business name or names listed above on N/A. NOTICE: This Fictitious Name Statement expires five years from the date it was filed in the office of the County Clerk. Dates Pub: APR18, 25, MAY 2, 9, 2026
FICTITIOUS BUSINESS NAME STATEMENT FILE NO. 2026071206
The following person(s) is (are) doing business as: J&D BOUTIQUE. 13746 VICTORY BLVD UNIT 207 VAN NUYS, CA 91401. Full name of registrant(s) is (are) J&D ITEM CONSULTING GROUP, INC. 13746 VICTORY BLVD UNIT 207 VAN NUYS, CA 91401. This Business is conducted by: A CORPORATION. Signed: J&D ITEM CONSULTING GROUP, INC., GERMAN GRIGORYAN, CEO. This statement was filed with the County Clerk of Los Angeles County on 04/01/2026. Dates Pub: APR18, 25, MAY 2, 9, 2026
FICTITIOUS BUSINESS NAME STATEMENT FILE NO. 2026072948
The following person(s) is (are) doing business as: VALLEY HOME FURNITURE. 15138 BURTON ST PANORAMA CITY, CA 91402. Full name of registrant(s) is (are) ANNA KOCHARYAN 15138 BURTON ST PANORAMA CITY, CA 91402. This Business is conducted by: AN INDIVIDUAL. Signed: ANNA KOCHARYAN, OWNER. This statement was filed with the County Clerk of Los Angeles County on 04/02/2026. Dates Pub: APR18, 25, MAY 2, 9, 2026
FICTITIOUS BUSINESS NAME STATEMENT FILE NO. 2026068068
The following person(s) is (are) doing business as: JOSE'S TRUCKING. 9111 BURNET AVENUE #2 LOS ANGELES, CA 91343. Full name of registrant(s) is (are) JOSE APARICIO 9111 BURNET AVENUE #2 LOS ANGELES, CA 91343. This Business is conducted by: AN INDIVIDUAL. Signed: JOSE APARICIO, OWNER. Dates Pub: APR18, 25, MAY 2, 9, 2026
FICTITIOUS BUSINESS NAME STATEMENT FILE NO. 2026075222
The following person(s) is (are) doing business as: TD NAIL STUDIO. 10156 MASON AVE CHATSWORTH, CA 91311. Full name of registrant(s) is (are) TD NAIL STUDIO LLC 10156 MASON AVE CHATSWORTH, CA 91311. This Business is conducted by: A LIMITED LIABILITY COMPANY. Dates Pub: APR18, 25, MAY 2, 9, 2026
FICTITIOUS BUSINESS NAME STATEMENT FILE NO. 2026069604
The following person(s) is (are) doing business as: FASHION NAIL & SPA 1601 NORTHRIDGE, CA 91324. Full name of registrant(s) is (are) ANH NGUYEN FASHION SPA INC. This Business is conducted by: A CORPORATION. Signed: ANH NGUYEN, CEO. Dates Pub: APR18, 25, MAY 2, 9, 2026
FICTITIOUS BUSINESS NAME STATEMENT FILE NO. 2026-074631
The following person(s) is (are) doing business as: COMERCIAL COMPANY OFICINA PERSONAL. 1460 S BONNIE BRAE STREET APT # 1, LOS ANGELES, CA 90006. Full name of registrant(s) is (are) PATRICIO DOMINGUEZ MANUEL, 1460 S BONNIE BRAE STREET APT #1, LOS ANGELES, CA 90006. This Business is conducted by: AN INDIVIDUAL.
PATRICIO DOMINGUEZ MANUEL/OWNER. This statement was filed with the County Clerk of Los Angeles County on 04/03/2026. The registrant(s) has (have) commenced to transact business under the fictitious business name or names listed above on N/A. NOTICE: This Fictitious Name Statement expires five years from the date it was filed in the office of the County Clerk. A new Fictitious Business Name Statement must be filed prior to that date. The filing of this statement does not of itself authorize the use in this state of a Fictitious Business Name in violation of the rights of another under Federal, State, or common law (See section 14411 et seq., Business and Professions Code)Publish: Mountain View News/JDC Dates Pub: APR 11, 18, 25, MAY 02, 2026
FICTITIOUS BUSINESS NAME STATEMENT FILE NO. 2026-072715
The following person(s) is (are) doing business as: BEAUTIES AND MORE STUDIO. 10714 WINNIBUS ST, WHITTIER, CA 90604. Full name of registrant(s) is (are) GLENDA MARYANN FLAREAU 10714 WINNIBUS ST, WHITTIER, CA 90604. This Business is conducted by: AN INDIVIDUAL. Signed: GLENDA MARYANN FLAREAU/OWNER. This statement was filed with the County Clerk of Los Angeles County on 04/03/2026. The registrant(s) has (have) commenced to transact business under the fictitious business name or names listed above on N/A. NOTICE: This Fictitious Name Statement expires five years from the date it was filed in the office of the County Clerk. A new Fictitious Business Name Statement must be filed prior to that date. Dates Pub: APR 11, 18, 25, MAY 02, 2026
FICTITIOUS BUSINESS NAME STATEMENT FILE NO. 2026-071138
The following person(s) is (are) doing business as: RICARDO'S AUTO CARE. 2830 E PARK AVE, LONG BEACH, CA 90814. Full name of registrant(s) is (are) RICARDO MENDOZA. 2830 E 5TH STREET #3, LONG BEACH, CA 90814. This Business is conducted by: AN INDIVIDUAL. Signed: RICARDO MENDOZA/OWNER. This statement was filed with the County Clerk of Los Angeles County on 04/02/2026. The registrant(s) has (have) commenced to transact business under the fictitious business name or names listed above on 04/2026. NOTICE: This Fictitious Name Statement expires five years from the date it was filed in the office of the County Clerk. Dates Pub: APR 11, 18, 25, MAY 02, 2026
FICTITIOUS BUSINESS NAME STATEMENT FILE NO. 2026-074120
The following person(s) is (are) doing business as: IVAN'S MINI MARKET. 350 W PACIFIC COAST HWY UNIT C, WILMINGTON, CA 90744. Full name of registrant(s) is (are) ADALBERTO VICTORIANO REYES, 350 W PACIFIC COAST HWY UNIT C, WILMINGTON, CA 90744. MARIA MAYRA GARCIA REYES, 350 W PACIFIC COAST HWY UNIT C, WILMINGTON, CA 90744. This Business is conducted by: A MARRIED COUPLE. Signed: ADALBERTO VICTORIANO REYES/HUSBAND. This statement was filed with the County Clerk of Los Angeles County on 04/06/2026. Dates Pub: APR 11, 18, 25, MAY 02, 2026
FICTITIOUS BUSINESS NAME STATEMENT FILE NO. 2026-075456
The following person(s) is (are) doing business as: KING ANGELS, KING ANGELS DISTRIBUTING AND TRADING. 780 NORMANDIE AVE APT 11, COVINA, CA 91722. Full name of registrant(s) is (are) MING YOUSSEF, 780 W GLENDORA APT 11, COVINA, CA 91722. This Business is conducted by: AN INDIVIDUAL. Signed: MING YOUSSEF/OWNER. This statement was filed with the County Clerk of Los Angeles County on 04/06/2026. Dates Pub: APR 11, 18, 25, MAY 02, 2026
FICTITIOUS BUSINESS NAME STATEMENT FILE NO. 2026-077709
The following person(s) is (are) doing business as: OUTLET SUPER DISCOUNT. 2220 S HOOVER ST UNIT 3, LOS ANGELES, CA 90007. Full name of registrant(s) is (are) ANDRES ALVAREZ COLINDRES, 2220 S HOOVER ST UNIT 3, LOS ANGELES, CA 90007. This Business is conducted by: AN INDIVIDUAL. Signed: JOSE ANDRES ALVAREZ COLINDRES. Dates Pub: APR 11, 18, 25, MAY 02, 2026
FICTITIOUS BUSINESS NAME STATEMENT FILE NO. 2026-073533
The following person(s) is (are) doing business as: ETERNAL STRATEGY. 2790 WISCONSIN UNIT 26, LOS ANGELES, CA 90007. Full name of registrant(s) is (are) JOSE DIAZ, 2790 WISCONSIN UNIT 26, LOS ANGELES, CA 90007. This Business is conducted by: AN INDIVIDUAL. Signed: JOSE DIAZ/OWNER. Dates Pub: APR 11, 18, 25, MAY 02, 2026
FICTITIOUS BUSINESS NAME STATEMENT FILE NO. 2026-078596
The following person(s) is (are) doing business as: QUALITY TILE & REMODELING. 585 SILVER STAR DR, COVINA, CA 91722. Full name of registrant(s) is (are) EDGARDO MAURICIO VELASQUEZ LOPEZ, 585 SILVER STAR DR, COVINA, CA 91722. This Business is conducted by: AN INDIVIDUAL. Dates Pub: APR 11, 18, 25, MAY 02, 2026
FICTITIOUS BUSINESS NAME STATEMENT FILE NO. 2026-069877
The following person(s) is (are) doing business as: SOLUTION WOODWORK & UPHOLSTERY. 13045 TOM WHITE WAY UNIT D, NORWALK, CA 90650. Full name of registrant(s) is (are) ERNESTO CARRAZCO MENDOZA, 13045 TOM WHITE WAY UNIT D, NORWALK, CA 90650. This Business is conducted by: AN INDIVIDUAL. Signed: ERNESTO CARRAZCO MENDOZA/OWNER.
Mountain View News 80 W Sierra Madre Blvd. No. 327 Sierra Madre, Ca. 91024 Office: 626.355.2737 Fax: 626.609.3285 Email: editor@mtnviewsnews.com Website: www.mtnviewsnews.com
